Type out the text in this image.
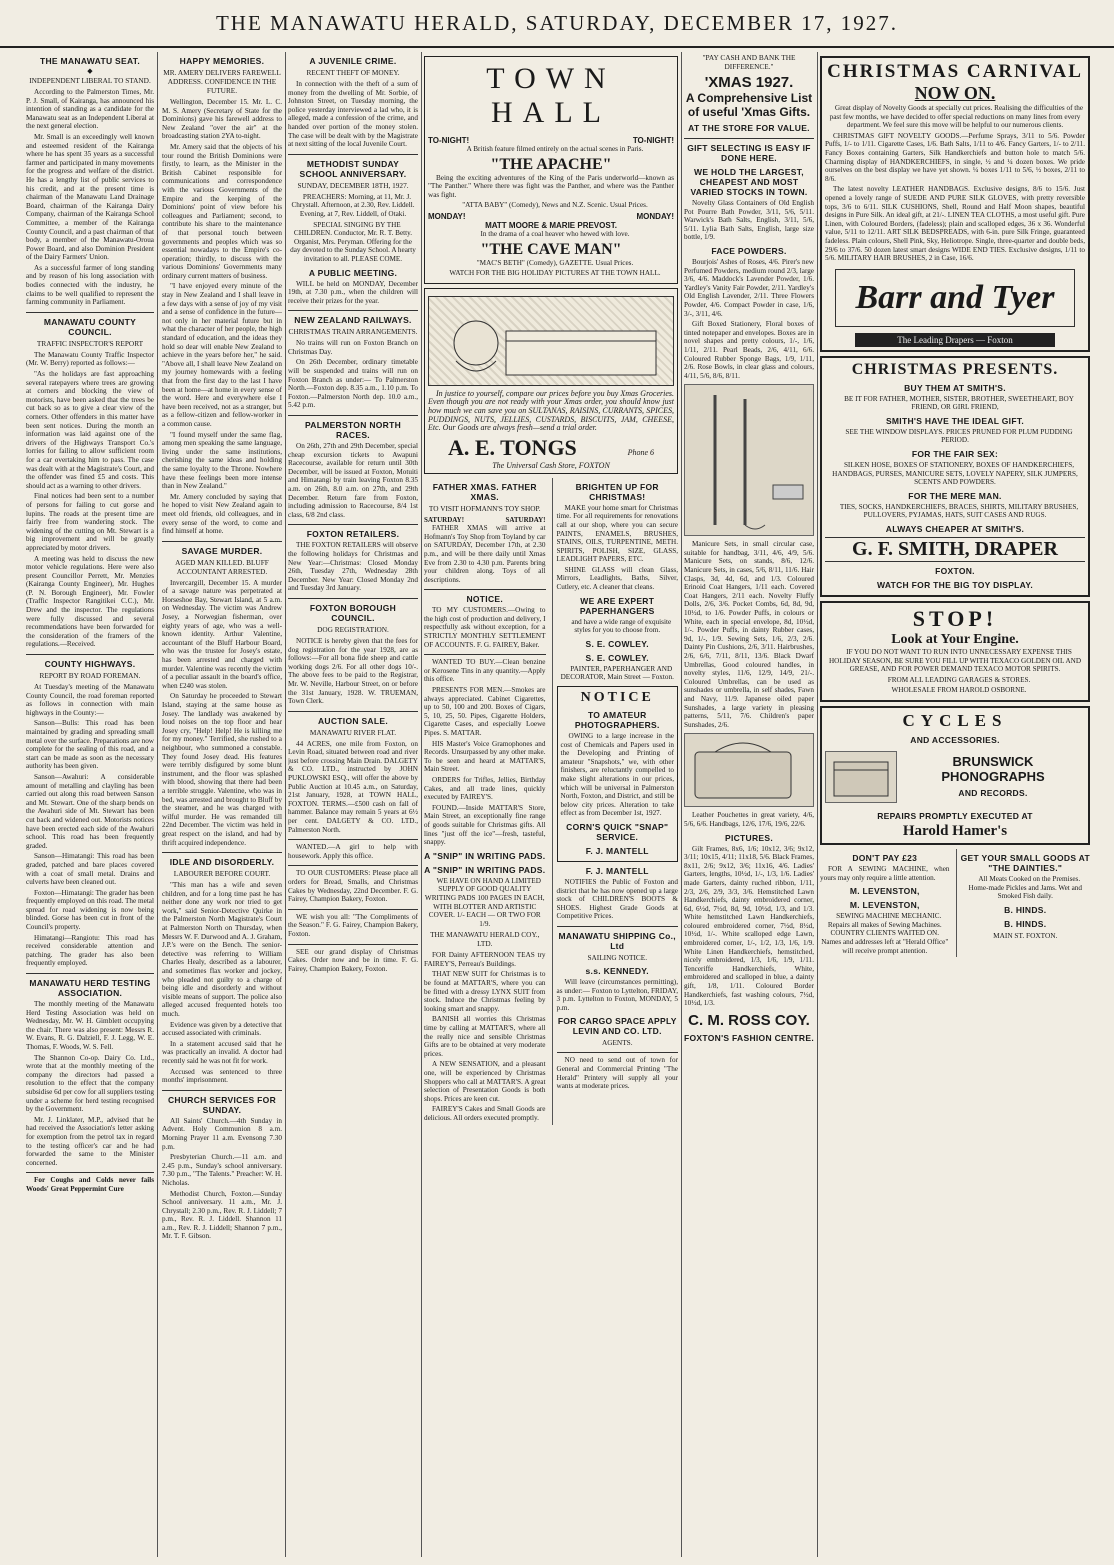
THE MANAWATU HERALD, SATURDAY, DECEMBER 17, 1927.
THE MANAWATU SEAT.
◆
INDEPENDENT LIBERAL TO STAND.

According to the Palmerston Times, Mr. P. J. Small, of Kairanga, has announced his intention of standing as a candidate for the Manawatu seat as an Independent Liberal at the next general election.

Mr. Small is an exceedingly well known and esteemed resident of the Kairanga where he has spent 35 years as a successful farmer and participated in many movements for the progress and welfare of the district. He has a lengthy list of public services to his credit, and at the present time is chairman of the Manawatu Land Drainage Board, chairman of the Kairanga Dairy Company, chairman of the Kairanga School Committee, a member of the Kairanga County Council, and a past chairman of that body, a member of the Manawatu-Oroua Power Board, and also Dominion President of the Dairy Farmers' Union.

As a successful farmer of long standing and by reason of his long association with bodies connected with the industry, he claims to be well qualified to represent the farming community in Parliament.

MANAWATU COUNTY COUNCIL.
TRAFFIC INSPECTOR'S REPORT

The Manawatu County Traffic Inspector (Mr. W. Berry) reported as follows:—

"As the holidays are fast approaching several ratepayers where trees are growing at corners and blocking the view of motorists, have been asked that the trees be cut back so as to give a clear view of the corners. Other offenders in this matter have been sent notices. During the month an information was laid against one of the drivers of the Highways Transport Co.'s lorries for failing to allow sufficient room for a car overtaking him to pass. The case was dealt with at the Magistrate's Court, and the offender was fined £5 and costs. This should act as a warning to other drivers.

Final notices had been sent to a number of persons for failing to cut gorse and lupins. The roads at the present time are fairly free from wandering stock. The widening of the cutting on Mt. Stewart is a big improvement and will be greatly appreciated by motor drivers.

A meeting was held to discuss the new motor vehicle regulations. Here were also present Councillor Perrett, Mr. Menzies (Kairanga County Engineer), Mr. Hughes (P. N. Borough Engineer), Mr. Fowler (Traffic Inspector Rangitikei C.C.), Mr. Drew and the inspector. The regulations were fully discussed and several recommendations have been forwarded for the consideration of the framers of the regulations.—Received.

COUNTY HIGHWAYS.
REPORT BY ROAD FOREMAN.

At Tuesday's meeting of the Manawatu County Council, the road foreman reported as follows in connection with main highways in the County:—

Sanson—Bulls: This road has been maintained by grading and spreading small metal over the surface. Preparations are now complete for the sealing of this road, and a start can be made as soon as the necessary authority has been given.

Sanson—Awahuri: A considerable amount of metalling and clayling has been carried out along this road between Sanson and Mt. Stewart. One of the sharp bends on the Awahuri side of Mt. Stewart has been cut back and widened out. Motorists notices have been erected each side of the Awahuri school. This road has been frequently graded.

Sanson—Himatangi: This road has been graded, patched and bare places covered with a coat of small metal. Drains and culverts have been cleaned out.

Foxton—Himatangi: The grader has been frequently employed on this road. The metal spread for road widening is now being blinded. Gorse has been cut in front of the Council's property.

Himatangi—Rangiotu: This road has received considerable attention and patching. The grader has also been frequently employed.

MANAWATU HERD TESTING ASSOCIATION.

The monthly meeting of the Manawatu Herd Testing Association was held on Wednesday, Mr. W. H. Gimblett occupying the chair. There was also present: Messrs R. W. Evans, R. G. Dalziell, F. J. Legg, W. E. Thomas, F. Woods, W. S. Fell.

The Shannon Co-op. Dairy Co. Ltd., wrote that at the monthly meeting of the company the directors had passed a resolution to the effect that the company subsidise 6d per cow for all suppliers testing under a scheme for herd testing recognised by the Government.

Mr. J. Linklater, M.P., advised that he had received the Association's letter asking for exemption from the petrol tax in regard to the testing officer's car and he had forwarded the same to the Minister concerned.

For Coughs and Colds never fails Woods' Great Peppermint Cure

HAPPY MEMORIES.
MR. AMERY DELIVERS FAREWELL ADDRESS. CONFIDENCE IN THE FUTURE.

Wellington, December 15. Mr. L. C. M. S. Amery (Secretary of State for the Dominions) gave his farewell address to New Zealand "over the air" at the broadcasting station 2YA to-night.

Mr. Amery said that the objects of his tour round the British Dominions were firstly, to learn, as the Minister in the British Cabinet responsible for communications and correspondence with the various Governments of the Empire and the keeping of the Dominions' point of view before his colleagues and Parliament; second, to contribute his share to the maintenance of that personal touch between governments and peoples which was so essential nowadays to the Empire's co-operation; thirdly, to discuss with the various Dominions' Governments many ordinary current matters of business.

"I have enjoyed every minute of the stay in New Zealand and I shall leave in a few days with a sense of joy of my visit and a sense of confidence in the future—not only in her material future but in what the character of her people, the high standard of education, and the ideas they hold so dear will enable New Zealand to achieve in the years before her," he said. "Above all, I shall leave New Zealand on my journey homewards with a feeling that from the first day to the last I have been at home—at home in every sense of the word. Here and everywhere else I have been received, not as a stranger, but as a fellow-citizen and fellow-worker in a common cause.

"I found myself under the same flag, among men speaking the same language, living under the same institutions, cherishing the same ideas and holding the same loyalty to the Throne. Nowhere have these feelings been more intense than in New Zealand."

Mr. Amery concluded by saying that he hoped to visit New Zealand again to meet old friends, old colleagues, and in every sense of the word, to come and find himself at home.

SAVAGE MURDER.
AGED MAN KILLED. BLUFF ACCOUNTANT ARRESTED.

Invercargill, December 15. A murder of a savage nature was perpetrated at Horseshoe Bay, Stewart Island, at 5 a.m. on Wednesday. The victim was Andrew Josey, a Norwegian fisherman, over eighty years of age, who was a well-known identity. Arthur Valentine, accountant of the Bluff Harbour Board, who was the trustee for Josey's estate, has been arrested and charged with murder. Valentine was recently the victim of a peculiar assault in the board's office, when £240 was stolen.

On Saturday he proceeded to Stewart Island, staying at the same house as Josey. The landlady was awakened by loud noises on the top floor and hear Josey cry, "Help! Help! He is killing me for my money." Terrified, she rushed to a neighbour, who summoned a constable. They found Josey dead. His features were terribly disfigured by some blunt instrument, and the floor was splashed with blood, showing that there had been a terrible struggle. Valentine, who was in bed, was arrested and brought to Bluff by the steamer, and he was charged with wilful murder. He was remanded till 22nd December. The victim was held in great respect on the island, and had by thrift acquired independence.

IDLE AND DISORDERLY.
LABOURER BEFORE COURT.

"This man has a wife and seven children, and for a long time past he has neither done any work nor tried to get work," said Senior-Detective Quirke in the Palmerston North Magistrate's Court at Palmerston North on Thursday, when Messrs W. F. Durwood and A. J. Graham, J.P.'s were on the Bench. The senior-detective was referring to William Charles Healy, described as a labourer, and sometimes flax worker and jockey, who pleaded not guilty to a charge of being idle and disorderly and without visible means of support. The police also alleged accused frequented hotels too much.

Evidence was given by a detective that accused associated with criminals.

In a statement accused said that he was practically an invalid. A doctor had recently said he was not fit for work.

Accused was sentenced to three months' imprisonment.

CHURCH SERVICES FOR SUNDAY.

All Saints' Church.—4th Sunday in Advent. Holy Communion 8 a.m. Morning Prayer 11 a.m. Evensong 7.30 p.m.

Presbyterian Church.—11 a.m. and 2.45 p.m., Sunday's school anniversary. 7.30 p.m., "The Talents." Preacher: W. H. Nicholas.

Methodist Church, Foxton.—Sunday School anniversary. 11 a.m., Mr. J. Chrystall; 2.30 p.m., Rev. R. J. Liddell; 7 p.m., Rev. R. J. Liddell. Shannon 11 a.m., Rev. R. J. Liddell; Shannon 7 p.m., Mr. T. F. Gibson.

A JUVENILE CRIME.
RECENT THEFT OF MONEY.

In connection with the theft of a sum of money from the dwelling of Mr. Sorbie, of Johnston Street, on Tuesday morning, the police yesterday interviewed a lad who, it is alleged, made a confession of the crime, and handed over portion of the money stolen. The case will be dealt with by the Magistrate at next sitting of the local Juvenile Court.

METHODIST SUNDAY SCHOOL ANNIVERSARY.
SUNDAY, DECEMBER 18TH, 1927.

PREACHERS: Morning, at 11, Mr. J. Chrystall. Afternoon, at 2.30, Rev. Liddell. Evening, at 7, Rev. Liddell, of Otaki.

SPECIAL SINGING BY THE CHILDREN. Conductor, Mr. R. T. Betty. Organist, Mrs. Peryman. Offering for the day devoted to the Sunday School. A hearty invitation to all. PLEASE COME.

A PUBLIC MEETING.

WILL be held on MONDAY, December 19th, at 7.30 p.m., when the children will receive their prizes for the year.

NEW ZEALAND RAILWAYS.
CHRISTMAS TRAIN ARRANGEMENTS.

No trains will run on Foxton Branch on Christmas Day.

On 26th December, ordinary timetable will be suspended and trains will run on Foxton Branch as under:— To Palmerston North.—Foxton dep. 8.35 a.m., 1.10 p.m. To Foxton.—Palmerston North dep. 10.0 a.m., 5.42 p.m.

PALMERSTON NORTH RACES.

On 26th, 27th and 29th December, special cheap excursion tickets to Awapuni Racecourse, available for return until 30th December, will be issued at Foxton, Motuiti and Himatangi by train leaving Foxton 8.35 a.m. on 26th, 8.0 a.m. on 27th, and 29th December. Return fare from Foxton, including admission to Racecourse, 8/4 1st class, 6/8 2nd class.

FOXTON RETAILERS.

THE FOXTON RETAILERS will observe the following holidays for Christmas and New Year:—Christmas: Closed Monday 26th, Tuesday 27th, Wednesday 28th December. New Year: Closed Monday 2nd and Tuesday 3rd January.

FOXTON BOROUGH COUNCIL.
DOG REGISTRATION.

NOTICE is hereby given that the fees for dog registration for the year 1928, are as follows:—For all bona fide sheep and cattle working dogs 2/6. For all other dogs 10/-. The above fees to be paid to the Registrar, Mr. W. Neville, Harbour Street, on or before the 31st January, 1928. W. TRUEMAN, Town Clerk.

AUCTION SALE.
MANAWATU RIVER FLAT.

44 ACRES, one mile from Foxton, on Levin Road, situated between road and river just before crossing Main Drain. DALGETY & CO. LTD., instructed by JOHN PUKLOWSKI ESQ., will offer the above by Public Auction at 10.45 a.m., on Saturday, 21st January, 1928, at TOWN HALL, FOXTON. TERMS.—£500 cash on fall of hammer. Balance may remain 5 years at 6½ per cent. DALGETY & CO. LTD., Palmerston North.

WANTED.—A girl to help with housework. Apply this office.

TO OUR CUSTOMERS: Please place all orders for Bread, Smalls, and Christmas Cakes by Wednesday, 22nd December. F. G. Fairey, Champion Bakery, Foxton.

WE wish you all: "The Compliments of the Season." F. G. Fairey, Champion Bakery, Foxton.

SEE our grand display of Christmas Cakes. Order now and be in time. F. G. Fairey, Champion Bakery, Foxton.

TOWN HALL
TO-NIGHT!	TO-NIGHT!

A British feature filmed entirely on the actual scenes in Paris.

"THE APACHE"

Being the exciting adventures of the King of the Paris underworld—known as "The Panther." Where there was fight was the Panther, and where was the Panther was fight.

"ATTA BABY" (Comedy), News and N.Z. Scenic. Usual Prices.

MONDAY!	MONDAY!
MATT MOORE & MARIE PREVOST.

In the drama of a coal heaver who hewed with love.

"THE CAVE MAN"

"MAC'S BETH" (Comedy), GAZETTE. Usual Prices.

WATCH FOR THE BIG HOLIDAY PICTURES AT THE TOWN HALL.

In justice to yourself, compare our prices before you buy Xmas Groceries. Even though you are not ready with your Xmas order, you should know just how much we can save you on SULTANAS, RAISINS, CURRANTS, SPICES, PUDDINGS, NUTS, JELLIES, CUSTARDS, BISCUITS, JAM, CHEESE, Etc. Our Goods are always fresh—send a trial order.

A. E. TONGS	Phone 6
The Universal Cash Store, FOXTON
FATHER XMAS. FATHER XMAS.
TO VISIT HOFMANN'S TOY SHOP.
SATURDAY!	SATURDAY!

FATHER XMAS will arrive at Hofmann's Toy Shop from Toyland by car on SATURDAY, December 17th, at 2.30 p.m., and will be there daily until Xmas Eve from 2.30 to 4.30 p.m. Parents bring your children along. Toys of all descriptions.

NOTICE.

TO MY CUSTOMERS.—Owing to the high cost of production and delivery, I respectfully ask without exception, for a STRICTLY MONTHLY SETTLEMENT OF ACCOUNTS. F. G. FAIREY, Baker.

WANTED TO BUY.—Clean benzine or Kerosene Tins in any quantity.—Apply this office.

PRESENTS FOR MEN.—Smokes are always appreciated. Cabinet Cigarettes, up to 50, 100 and 200. Boxes of Cigars, 5, 10, 25, 50. Pipes, Cigarette Holders, Cigarette Cases, and especially Loewe Pipes. S. MATTAR.

HIS Master's Voice Gramophones and Records. Unsurpassed by any other make. To be seen and heard at MATTAR'S, Main Street.

ORDERS for Trifles, Jellies, Birthday Cakes, and all trade lines, quickly executed by FAIREY'S.

FOUND.—Inside MATTAR'S Store, Main Street, an exceptionally fine range of goods suitable for Christmas gifts. All lines "just off the ice"—fresh, tasteful, snappy.

A "SNIP" IN WRITING PADS.
A "SNIP" IN WRITING PADS.

WE HAVE ON HAND A LIMITED SUPPLY OF GOOD QUALITY WRITING PADS 100 PAGES IN EACH, WITH BLOTTER AND ARTISTIC COVER. 1/- EACH — OR TWO FOR 1/9.

THE MANAWATU HERALD COY., LTD.

FOR Dainty AFTERNOON TEAS try FAIREY'S, Perreau's Buildings.

THAT NEW SUIT for Christmas is to be found at MATTAR'S, where you can be fitted with a dressy LYNX SUIT from stock. Induce the Christmas feeling by looking smart and snappy.

BANISH all worries this Christmas time by calling at MATTAR'S, where all the really nice and sensible Christmas Gifts are to be obtained at very moderate prices.

A NEW SENSATION, and a pleasant one, will be experienced by Christmas Shoppers who call at MATTAR'S. A great selection of Presentation Goods is both shops. Prices are keen cut.

FAIREY'S Cakes and Small Goods are delicious. All orders executed promptly.

BRIGHTEN UP FOR CHRISTMAS!

MAKE your home smart for Christmas time. For all requirements for renovations call at our shop, where you can secure PAINTS, ENAMELS, BRUSHES, STAINS, OILS, TURPENTINE, METH. SPIRITS, POLISH, SIZE, GLASS, LEADLIGHT PAPERS, ETC.

SHINE GLASS will clean Glass, Mirrors, Leadlights, Baths, Silver, Cutlery, etc. A cleaner that cleans.

WE ARE EXPERT PAPERHANGERS

and have a wide range of exquisite styles for you to choose from.

S. E. COWLEY.
S. E. COWLEY.

PAINTER, PAPERHANGER AND DECORATOR, Main Street — Foxton.

NOTICE
TO AMATEUR PHOTOGRAPHERS.

OWING to a large increase in the cost of Chemicals and Papers used in the Developing and Printing of amateur "Snapshots," we, with other finishers, are reluctantly compelled to make slight alterations in our prices, which will be universal in Palmerston North, Foxton, and District, and still be below city prices. Alteration to take effect as from December 1st, 1927.

CORN'S QUICK "SNAP" SERVICE.
F. J. MANTELL
F. J. MANTELL

NOTIFIES the Public of Foxton and district that he has now opened up a large stock of CHILDREN'S BOOTS & SHOES. Highest Grade Goods at Competitive Prices.

MANAWATU SHIPPING Co., Ltd
SAILING NOTICE.
s.s. KENNEDY.

Will leave (circumstances permitting), as under:— Foxton to Lyttelton, FRIDAY, 3 p.m. Lyttelton to Foxton, MONDAY, 5 p.m.

FOR CARGO SPACE APPLY LEVIN AND CO. LTD.
AGENTS.

NO need to send out of town for General and Commercial Printing "The Herald" Printery will supply all your wants at moderate prices.

"PAY CASH AND BANK THE DIFFERENCE."
'XMAS 1927.
A Comprehensive List of useful 'Xmas Gifts.
AT THE STORE FOR VALUE.
GIFT SELECTING IS EASY IF DONE HERE.
WE HOLD THE LARGEST, CHEAPEST AND MOST VARIED STOCKS IN TOWN.

Novelty Glass Containers of Old English Pot Pourre Bath Powder, 3/11, 5/6, 5/11. Warwick's Bath Salts, English, 3/11, 5/6, 5/11. Lylia Bath Salts, English, large size bottle, 1/9.

FACE POWDERS.

Bourjois' Ashes of Roses, 4/6. Pirer's new Perfumed Powders, medium round 2/3, large 3/6, 4/6. Maddock's Lavender Powder, 1/6. Yardley's Vanity Fair Powder, 2/11. Yardley's Old English Lavender, 2/11. Three Flowers Powder, 4/6. Compact Powder in case, 1/6, 3/-, 3/11, 4/6.

Gift Boxed Stationery, Floral boxes of tinted notepaper and envelopes. Boxes are in novel shapes and pretty colours, 1/-, 1/6, 1/11, 2/11. Pearl Beads, 2/6, 4/11, 6/6. Coloured Rubber Sponge Bags, 1/9, 1/11, 2/6. Rose Bowls, in clear glass and colours, 4/11, 5/6, 8/6, 8/11.

Manicure Sets, in small circular case, suitable for handbag, 3/11, 4/6, 4/9, 5/6. Manicure Sets, on stands, 8/6, 12/6. Manicure Sets, in cases, 5/6, 8/11, 11/6. Hair Clasps, 3d, 4d, 6d, and 1/3. Coloured Erinoid Coat Hangers, 1/11 each. Covered Coat Hangers, 2/11 each. Novelty Fluffy Dolls, 2/6, 3/6. Pocket Combs, 6d, 8d, 9d, 10½d, to 1/6. Powder Puffs, in colours or White, each in special envelope, 8d, 10½d, 1/-. Powder Puffs, in dainty Rubber cases, 9d, 1/-, 1/9. Sewing Sets, 1/6, 2/3, 2/6. Dainty Pin Cushions, 2/6, 3/11. Hairbrushes, 2/6, 6/6, 7/11, 8/11, 13/6. Black Dwarf Umbrellas, Good coloured handles, in novelty styles, 11/6, 12/9, 14/9, 21/-. Coloured Umbrellas, can be used as sunshades or umbrella, in self shades, Fawn and Navy, 11/9. Japanese oiled paper Sunshades, a large variety in pleasing patterns, 5/11, 7/6. Children's paper Sunshades, 2/6.

Leather Pouchettes in great variety, 4/6, 5/6, 6/6. Handbags, 12/6, 17/6, 19/6, 22/6.

PICTURES.

Gilt Frames, 8x6, 1/6; 10x12, 3/6; 9x12, 3/11; 10x15, 4/11; 11x18, 5/6. Black Frames, 8x11, 2/6; 9x12, 3/6; 11x16, 4/6. Ladies' Garters, lengths, 10½d, 1/-, 1/3, 1/6. Ladies' made Garters, dainty ruched ribbon, 1/11, 2/3, 2/6, 2/9, 3/3, 3/6. Hemstitched Lawn Handkerchiefs, dainty embroidered corner, 6d, 6½d, 7½d, 8d, 9d, 10½d, 1/3, and 1/3. White hemstitched Lawn Handkerchiefs, coloured embroidered corner, 7½d, 8½d, 10½d, 1/-. White scalloped edge Lawn, embroidered corner, 1/-, 1/2, 1/3, 1/6, 1/9. White Linen Handkerchiefs, hemstitched, nicely embroidered, 1/3, 1/6, 1/9, 1/11. Tenceriffe Handkerchiefs, White, embroidered and scalloped in blue, a dainty gift, 1/8, 1/11. Coloured Border Handkerchiefs, fast washing colours, 7½d, 10½d, 1/3.

C. M. ROSS COY.
FOXTON'S FASHION CENTRE.
CHRISTMAS CARNIVAL
NOW ON.

Great display of Novelty Goods at specially cut prices. Realising the difficulties of the past few months, we have decided to offer special reductions on many lines from every department. We feel sure this move will be helpful to our numerous clients.

CHRISTMAS GIFT NOVELTY GOODS.—Perfume Sprays, 3/11 to 5/6. Powder Puffs, 1/- to 1/11. Cigarette Cases, 1/6. Bath Salts, 1/11 to 4/6. Fancy Garters, 1/- to 2/11. Fancy Boxes containing Garters, Silk Handkerchiefs and button hole to match 5/6. Charming display of HANDKERCHIEFS, in single, ½ and ¼ dozen boxes. We pride ourselves on the best display we have yet shown. ¼ boxes 1/11 to 5/6, ½ boxes, 2/11 to 8/6.

The latest novelty LEATHER HANDBAGS. Exclusive designs, 8/6 to 15/6. Just opened a lovely range of SUEDE AND PURE SILK GLOVES, with pretty reversible tops, 3/6 to 6/11. SILK CUSHIONS, Shell, Round and Half Moon shapes, beautiful designs in Pure Silk. An ideal gift, at 21/-. LINEN TEA CLOTHS, a most useful gift. Pure Linen, with Coloured Borders, (fadeless); plain and scalloped edges, 36 x 36. Wonderful value, 5/11 to 12/11. ART SILK BEDSPREADS, with 6-in. pure Silk Fringe, guaranteed fadeless. Plain colours, Shell Pink, Sky, Heliotrope. Single, three-quarter and double beds, 29/6 to 37/6. 50 dozen latest smart designs WIDE END TIES. Exclusive designs, 1/11 to 5/6. MILITARY HAIR BRUSHES, 2 in Case, 16/6.

Barr and Tyer
The Leading Drapers — Foxton
CHRISTMAS PRESENTS.
BUY THEM AT SMITH'S.

BE IT FOR FATHER, MOTHER, SISTER, BROTHER, SWEETHEART, BOY FRIEND, OR GIRL FRIEND,

SMITH'S HAVE THE IDEAL GIFT.

SEE THE WINDOW DISPLAYS. PRICES PRUNED FOR PLUM PUDDING PERIOD.

FOR THE FAIR SEX:

SILKEN HOSE, BOXES OF STATIONERY, BOXES OF HANDKERCHIEFS, HANDBAGS, PURSES, MANICURE SETS, LOVELY NAPERY, SILK JUMPERS, SCENTS AND POWDERS.

FOR THE MERE MAN.

TIES, SOCKS, HANDKERCHIEFS, BRACES, SHIRTS, MILITARY BRUSHES, PULLOVERS, PYJAMAS, HATS, SUIT CASES AND RUGS.

ALWAYS CHEAPER AT SMITH'S.
G. F. SMITH, DRAPER
FOXTON.
WATCH FOR THE BIG TOY DISPLAY.
STOP!
Look at Your Engine.

IF YOU DO NOT WANT TO RUN INTO UNNECESSARY EXPENSE THIS HOLIDAY SEASON, BE SURE YOU FILL UP WITH TEXACO GOLDEN OIL AND GREASE, AND FOR POWER DEMAND TEXACO MOTOR SPIRITS.

FROM ALL LEADING GARAGES & STORES.

WHOLESALE FROM HAROLD OSBORNE.

CYCLES
AND ACCESSORIES.
BRUNSWICK
PHONOGRAPHS
AND RECORDS.
REPAIRS PROMPTLY EXECUTED AT
Harold Hamer's
DON'T PAY £23

FOR A SEWING MACHINE, when yours may only require a little attention.

M. LEVENSTON,
M. LEVENSTON,

SEWING MACHINE MECHANIC. Repairs all makes of Sewing Machines. COUNTRY CLIENTS WAITED ON. Names and addresses left at "Herald Office" will receive prompt attention.

GET YOUR SMALL GOODS AT "THE DAINTIES."

All Meats Cooked on the Premises. Home-made Pickles and Jams. Wet and Smoked Fish daily.

B. HINDS.
B. HINDS.
MAIN ST. FOXTON.
